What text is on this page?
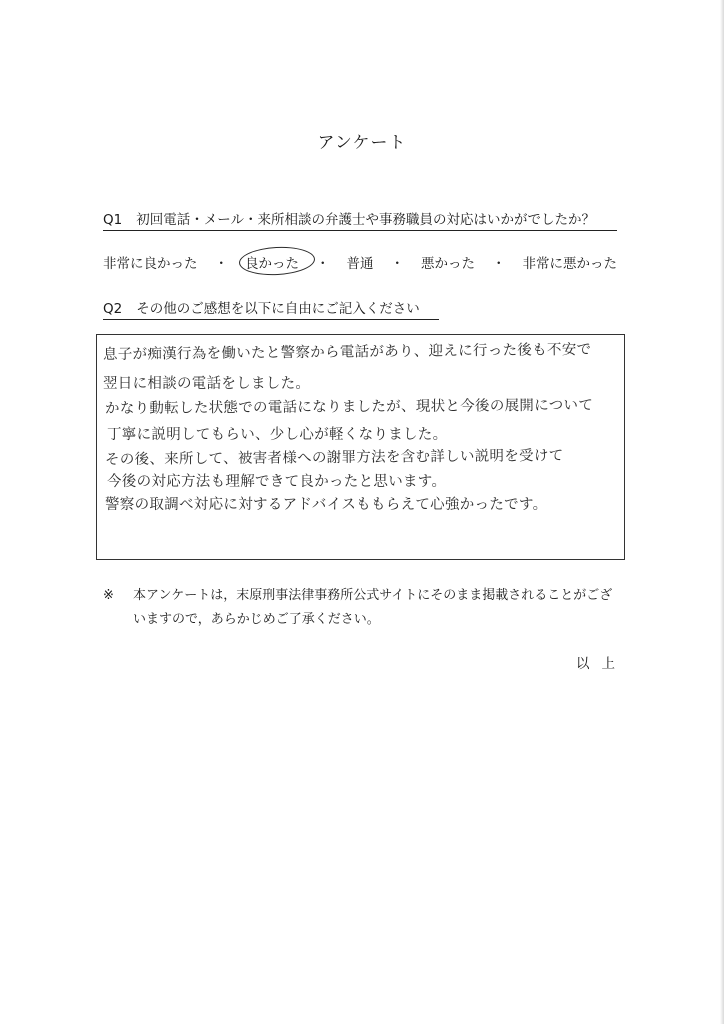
アンケート
Q1 初回電話・メール・来所相談の弁護士や事務職員の対応はいかがでしたか？
非常に良かった ・ 良かった ・ 普通 ・ 悪かった ・ 非常に悪かった
Q2 その他のご感想を以下に自由にご記入ください
息子が痴漢行為を働いたと警察から電話があり、迎えに行った後も不安で
翌日に相談の電話をしました。
かなり動転した状態での電話になりましたが、現状と今後の展開について
丁寧に説明してもらい、少し心が軽くなりました。
その後、来所して、被害者様への謝罪方法を含む詳しい説明を受けて
今後の対応方法も理解できて良かったと思います。
警察の取調べ対応に対するアドバイスももらえて心強かったです。
※ 本アンケートは，末原刑事法律事務所公式サイトにそのまま掲載されることがございますので，あらかじめご了承ください。
以上
